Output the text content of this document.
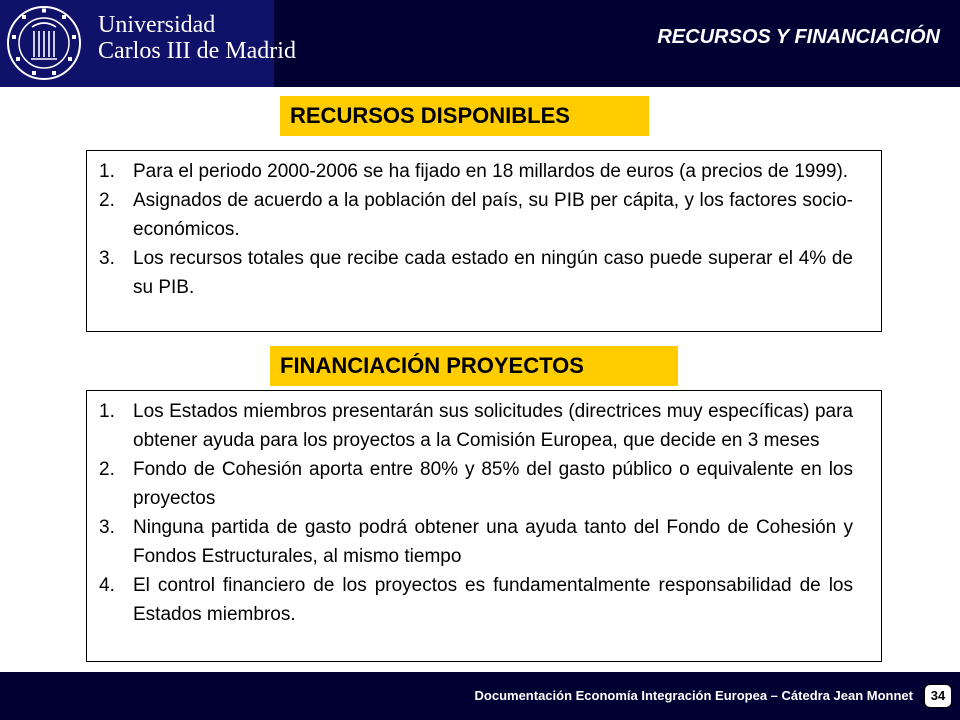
Universidad
Carlos III de Madrid
RECURSOS Y FINANCIACIÓN
RECURSOS DISPONIBLES
1. Para el periodo 2000-2006 se ha fijado en 18 millardos de euros (a precios de 1999).
2. Asignados de acuerdo a la población del país, su PIB per cápita, y los factores socio-económicos.
3. Los recursos totales que recibe cada estado en ningún caso puede superar el 4% de su PIB.
FINANCIACIÓN PROYECTOS
1. Los Estados miembros presentarán sus solicitudes (directrices muy específicas) para obtener ayuda para los proyectos a la Comisión Europea, que decide en 3 meses
2. Fondo de Cohesión aporta entre 80% y 85% del gasto público o equivalente en los proyectos
3. Ninguna partida de gasto podrá obtener una ayuda tanto del Fondo de Cohesión y Fondos Estructurales, al mismo tiempo
4. El control financiero de los proyectos es fundamentalmente responsabilidad de los Estados miembros.
Documentación Economía Integración Europea – Cátedra Jean Monnet	34
